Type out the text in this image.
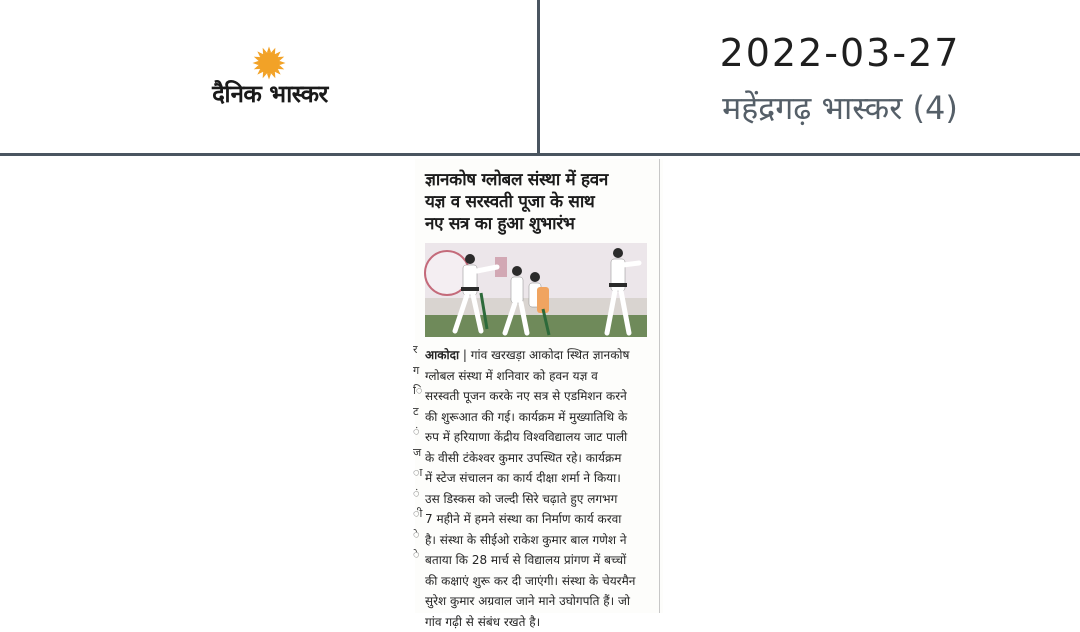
दैनिक भास्कर
2022-03-27
महेंद्रगढ़ भास्कर (4)
र
ग
ि
ट
ं
ज
ा
ं
ी
े
े
ज्ञानकोष ग्लोबल संस्था में हवन
यज्ञ व सरस्वती पूजा के साथ
नए सत्र का हुआ शुभारंभ
आकोदा | गांव खरखड़ा आकोदा स्थित ज्ञानकोष
ग्लोबल संस्था में शनिवार को हवन यज्ञ व
सरस्वती पूजन करके नए सत्र से एडमिशन करने
की शुरूआत की गई। कार्यक्रम में मुख्यातिथि के
रुप में हरियाणा केंद्रीय विश्वविद्यालय जाट पाली
के वीसी टंकेश्वर कुमार उपस्थित रहे। कार्यक्रम
में स्टेज संचालन का कार्य दीक्षा शर्मा ने किया।
उस डिस्कस को जल्दी सिरे चढ़ाते हुए लगभग
7 महीने में हमने संस्था का निर्माण कार्य करवा
है। संस्था के सीईओ राकेश कुमार बाल गणेश ने
बताया कि 28 मार्च से विद्यालय प्रांगण में बच्चों
की कक्षाएं शुरू कर दी जाएंगी। संस्था के चेयरमैन
सुरेश कुमार अग्रवाल जाने माने उघोगपति हैं। जो
गांव गढ़ी से संबंध रखते है।
